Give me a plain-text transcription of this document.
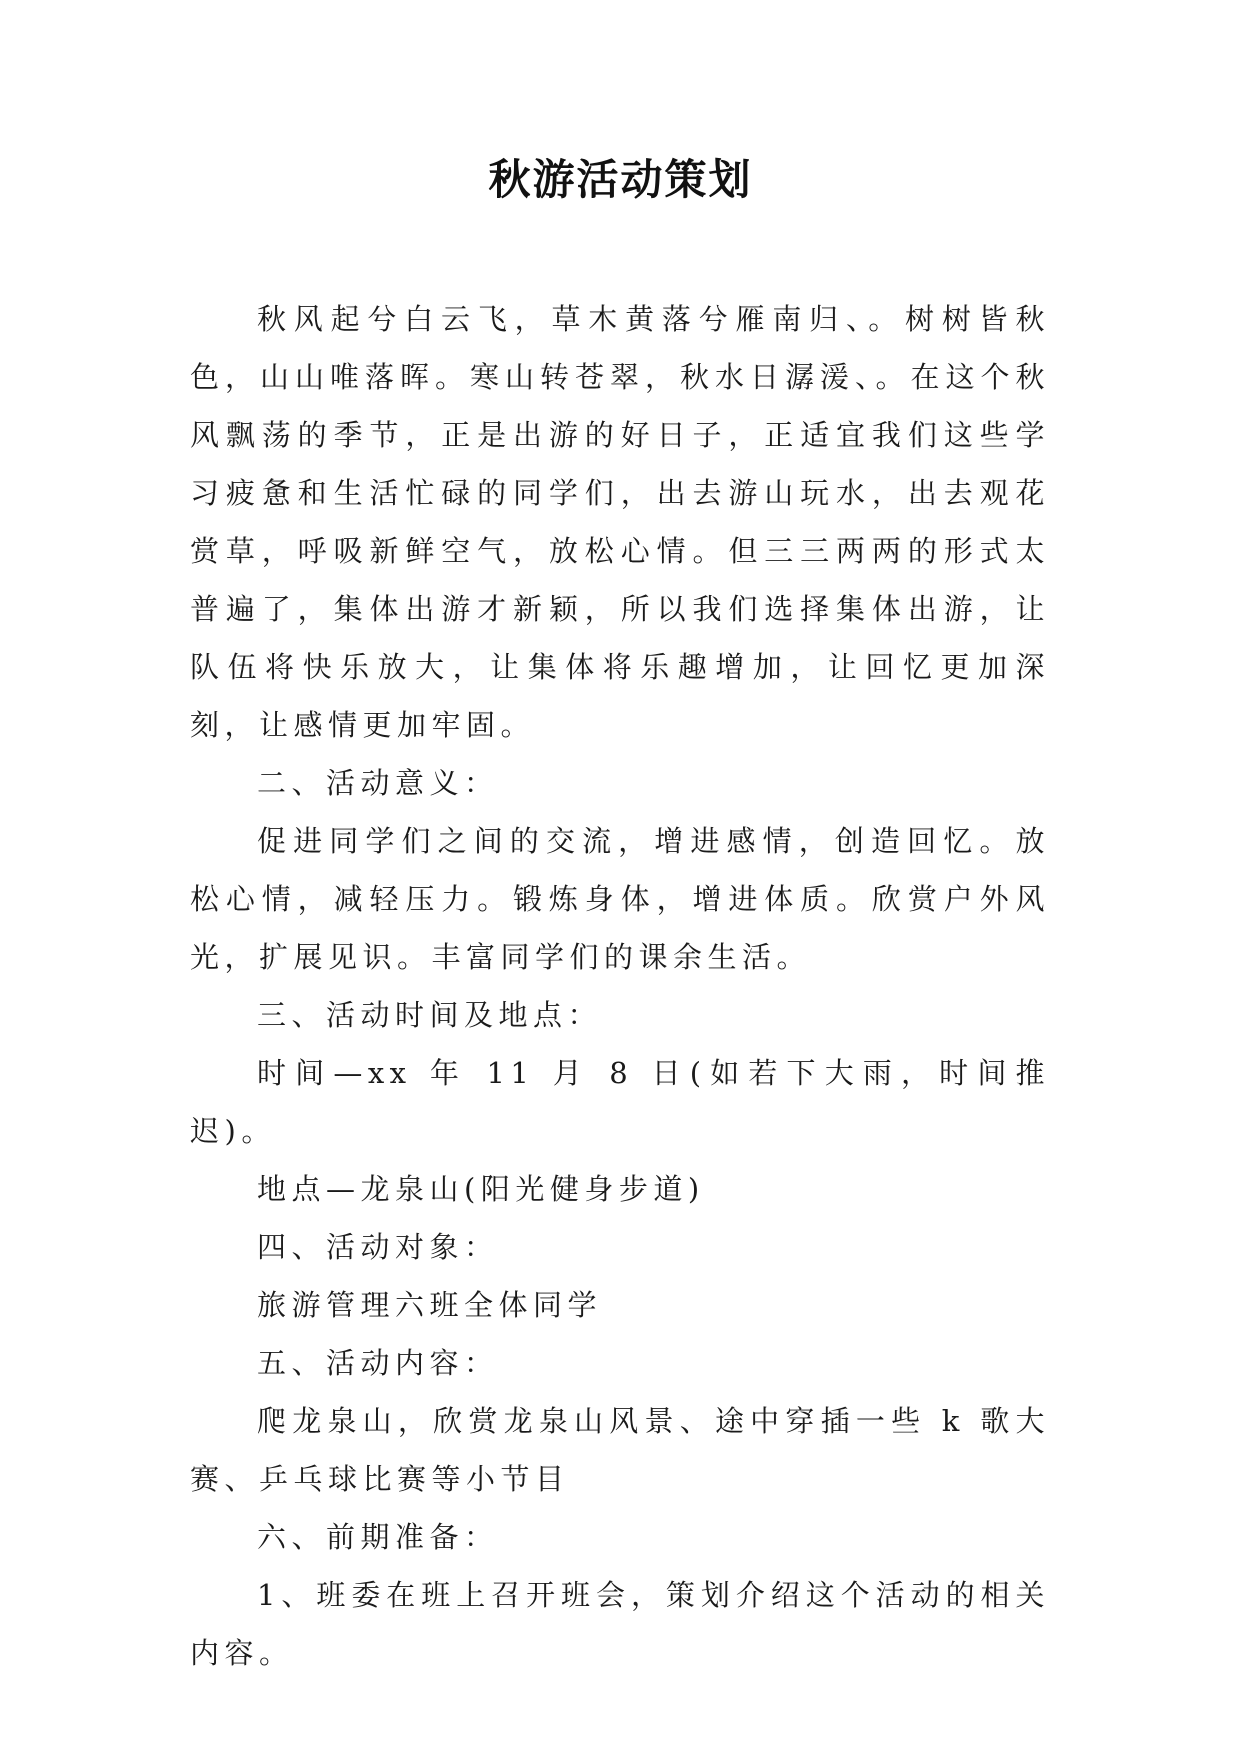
秋游活动策划

秋风起兮白云飞，草木黄落兮雁南归、。树树皆秋色，山山唯落晖。寒山转苍翠，秋水日潺湲、。在这个秋风飘荡的季节，正是出游的好日子，正适宜我们这些学习疲惫和生活忙碌的同学们，出去游山玩水，出去观花赏草，呼吸新鲜空气，放松心情。但三三两两的形式太普遍了，集体出游才新颖，所以我们选择集体出游，让队伍将快乐放大，让集体将乐趣增加，让回忆更加深刻，让感情更加牢固。

二、活动意义：

促进同学们之间的交流，增进感情，创造回忆。放松心情，减轻压力。锻炼身体，增进体质。欣赏户外风光，扩展见识。丰富同学们的课余生活。

三、活动时间及地点：

时间—xx 年 11 月 8 日(如若下大雨，时间推迟)。

地点—龙泉山(阳光健身步道)

四、活动对象：

旅游管理六班全体同学

五、活动内容：

爬龙泉山，欣赏龙泉山风景、途中穿插一些 k 歌大赛、乒乓球比赛等小节目

六、前期准备：

1、班委在班上召开班会，策划介绍这个活动的相关内容。
